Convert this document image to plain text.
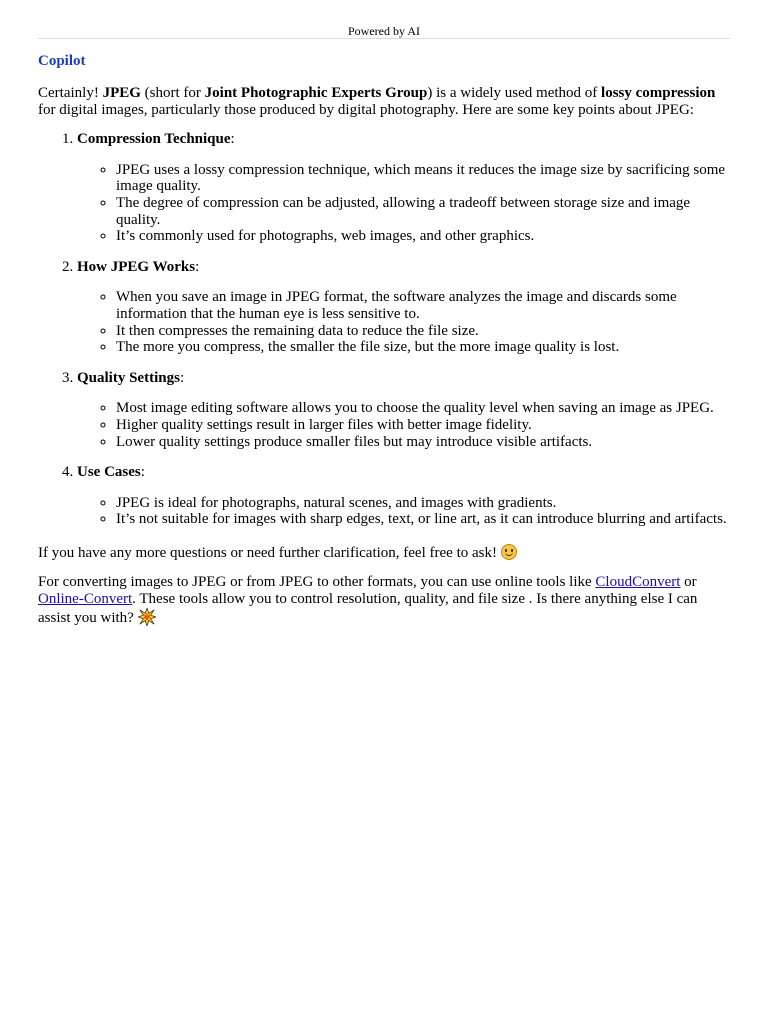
Powered by AI
Copilot

Certainly! JPEG (short for Joint Photographic Experts Group) is a widely used method of lossy compression for digital images, particularly those produced by digital photography. Here are some key points about JPEG:

1. Compression Technique:
◦ JPEG uses a lossy compression technique, which means it reduces the image size by sacrificing some image quality.
◦ The degree of compression can be adjusted, allowing a tradeoff between storage size and image quality.
◦ It’s commonly used for photographs, web images, and other graphics.
2. How JPEG Works:
◦ When you save an image in JPEG format, the software analyzes the image and discards some information that the human eye is less sensitive to.
◦ It then compresses the remaining data to reduce the file size.
◦ The more you compress, the smaller the file size, but the more image quality is lost.
3. Quality Settings:
◦ Most image editing software allows you to choose the quality level when saving an image as JPEG.
◦ Higher quality settings result in larger files with better image fidelity.
◦ Lower quality settings produce smaller files but may introduce visible artifacts.
4. Use Cases:
◦ JPEG is ideal for photographs, natural scenes, and images with gradients.
◦ It’s not suitable for images with sharp edges, text, or line art, as it can introduce blurring and artifacts.

If you have any more questions or need further clarification, feel free to ask!

For converting images to JPEG or from JPEG to other formats, you can use online tools like CloudConvert or Online-Convert. These tools allow you to control resolution, quality, and file size . Is there anything else I can assist you with?
